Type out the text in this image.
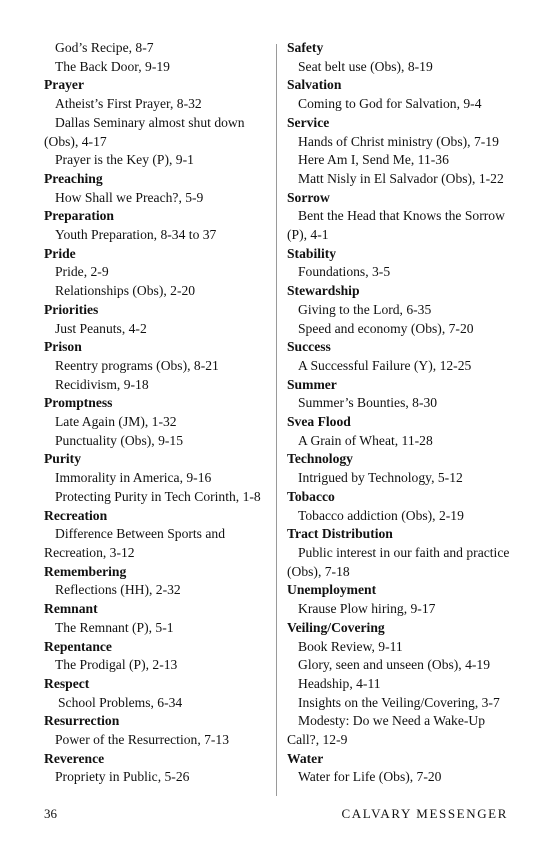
God’s Recipe, 8-7
The Back Door, 9-19
Prayer
Atheist’s First Prayer, 8-32
Dallas Seminary almost shut down (Obs), 4-17
Prayer is the Key (P), 9-1
Preaching
How Shall we Preach?, 5-9
Preparation
Youth Preparation, 8-34 to 37
Pride
Pride, 2-9
Relationships (Obs), 2-20
Priorities
Just Peanuts, 4-2
Prison
Reentry programs (Obs), 8-21
Recidivism, 9-18
Promptness
Late Again (JM), 1-32
Punctuality (Obs), 9-15
Purity
Immorality in America, 9-16
Protecting Purity in Tech Corinth, 1-8
Recreation
Difference Between Sports and Recreation, 3-12
Remembering
Reflections (HH), 2-32
Remnant
The Remnant (P), 5-1
Repentance
The Prodigal (P), 2-13
Respect
School Problems, 6-34
Resurrection
Power of the Resurrection, 7-13
Reverence
Propriety in Public, 5-26
Safety
Seat belt use (Obs), 8-19
Salvation
Coming to God for Salvation, 9-4
Service
Hands of Christ ministry (Obs), 7-19
Here Am I, Send Me, 11-36
Matt Nisly in El Salvador (Obs), 1-22
Sorrow
Bent the Head that Knows the Sorrow (P), 4-1
Stability
Foundations, 3-5
Stewardship
Giving to the Lord, 6-35
Speed and economy (Obs), 7-20
Success
A Successful Failure (Y), 12-25
Summer
Summer’s Bounties, 8-30
Svea Flood
A Grain of Wheat, 11-28
Technology
Intrigued by Technology, 5-12
Tobacco
Tobacco addiction (Obs), 2-19
Tract Distribution
Public interest in our faith and practice (Obs), 7-18
Unemployment
Krause Plow hiring, 9-17
Veiling/Covering
Book Review, 9-11
Glory, seen and unseen (Obs), 4-19
Headship, 4-11
Insights on the Veiling/Covering, 3-7
Modesty: Do we Need a Wake-Up Call?, 12-9
Water
Water for Life (Obs), 7-20
36	CALVARY MESSENGER
